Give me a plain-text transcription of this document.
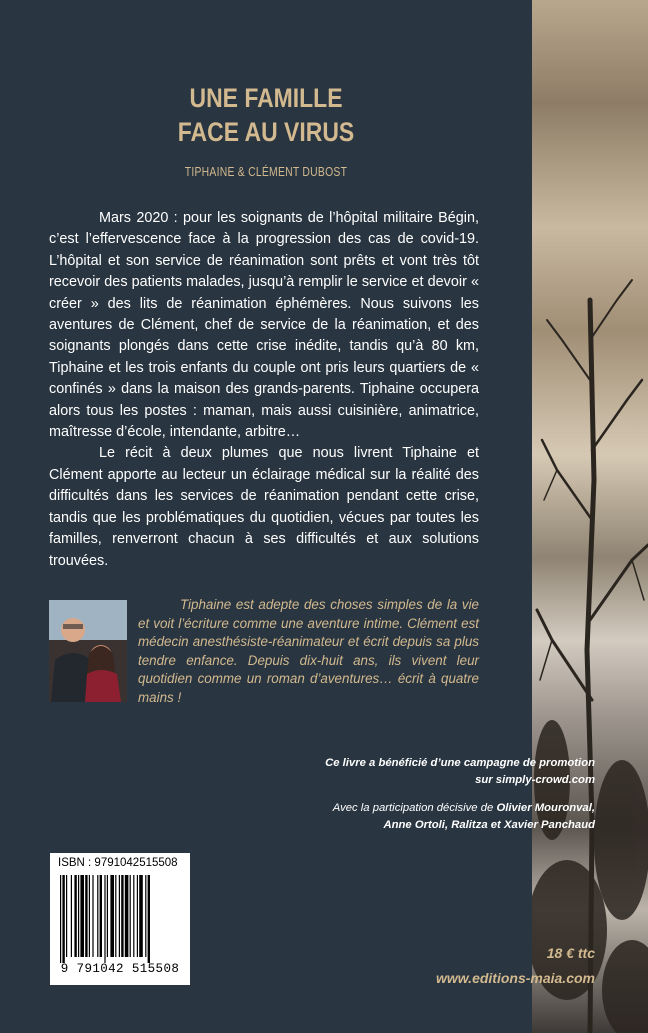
UNE FAMILLE
FACE AU VIRUS
TIPHAINE & CLÉMENT DUBOST

Mars 2020 : pour les soignants de l’hôpital militaire Bégin, c’est l’effervescence face à la progression des cas de covid-19. L’hôpital et son service de réanimation sont prêts et vont très tôt recevoir des patients malades, jusqu’à remplir le service et devoir « créer » des lits de réanimation éphémères. Nous suivons les aventures de Clément, chef de service de la réanimation, et des soignants plongés dans cette crise inédite, tandis qu’à 80 km, Tiphaine et les trois enfants du couple ont pris leurs quartiers de « confinés » dans la maison des grands-parents. Tiphaine occupera alors tous les postes : maman, mais aussi cuisinière, animatrice, maîtresse d’école, intendante, arbitre…

Le récit à deux plumes que nous livrent Tiphaine et Clément apporte au lecteur un éclairage médical sur la réalité des difficultés dans les services de réanimation pendant cette crise, tandis que les problématiques du quotidien, vécues par toutes les familles, renverront chacun à ses difficultés et aux solutions trouvées.

Tiphaine est adepte des choses simples de la vie et voit l’écriture comme une aventure intime. Clément est médecin anesthésiste-réanimateur et écrit depuis sa plus tendre enfance. Depuis dix-huit ans, ils vivent leur quotidien comme un roman d’aventures… écrit à quatre mains !
Ce livre a bénéficié d’une campagne de promotion
sur simply-crowd.com
Avec la participation décisive de Olivier Mouronval,
Anne Ortoli, Ralitza et Xavier Panchaud
ISBN : 9791042515508
9 791042 515508
18 € ttc
www.editions-maia.com
